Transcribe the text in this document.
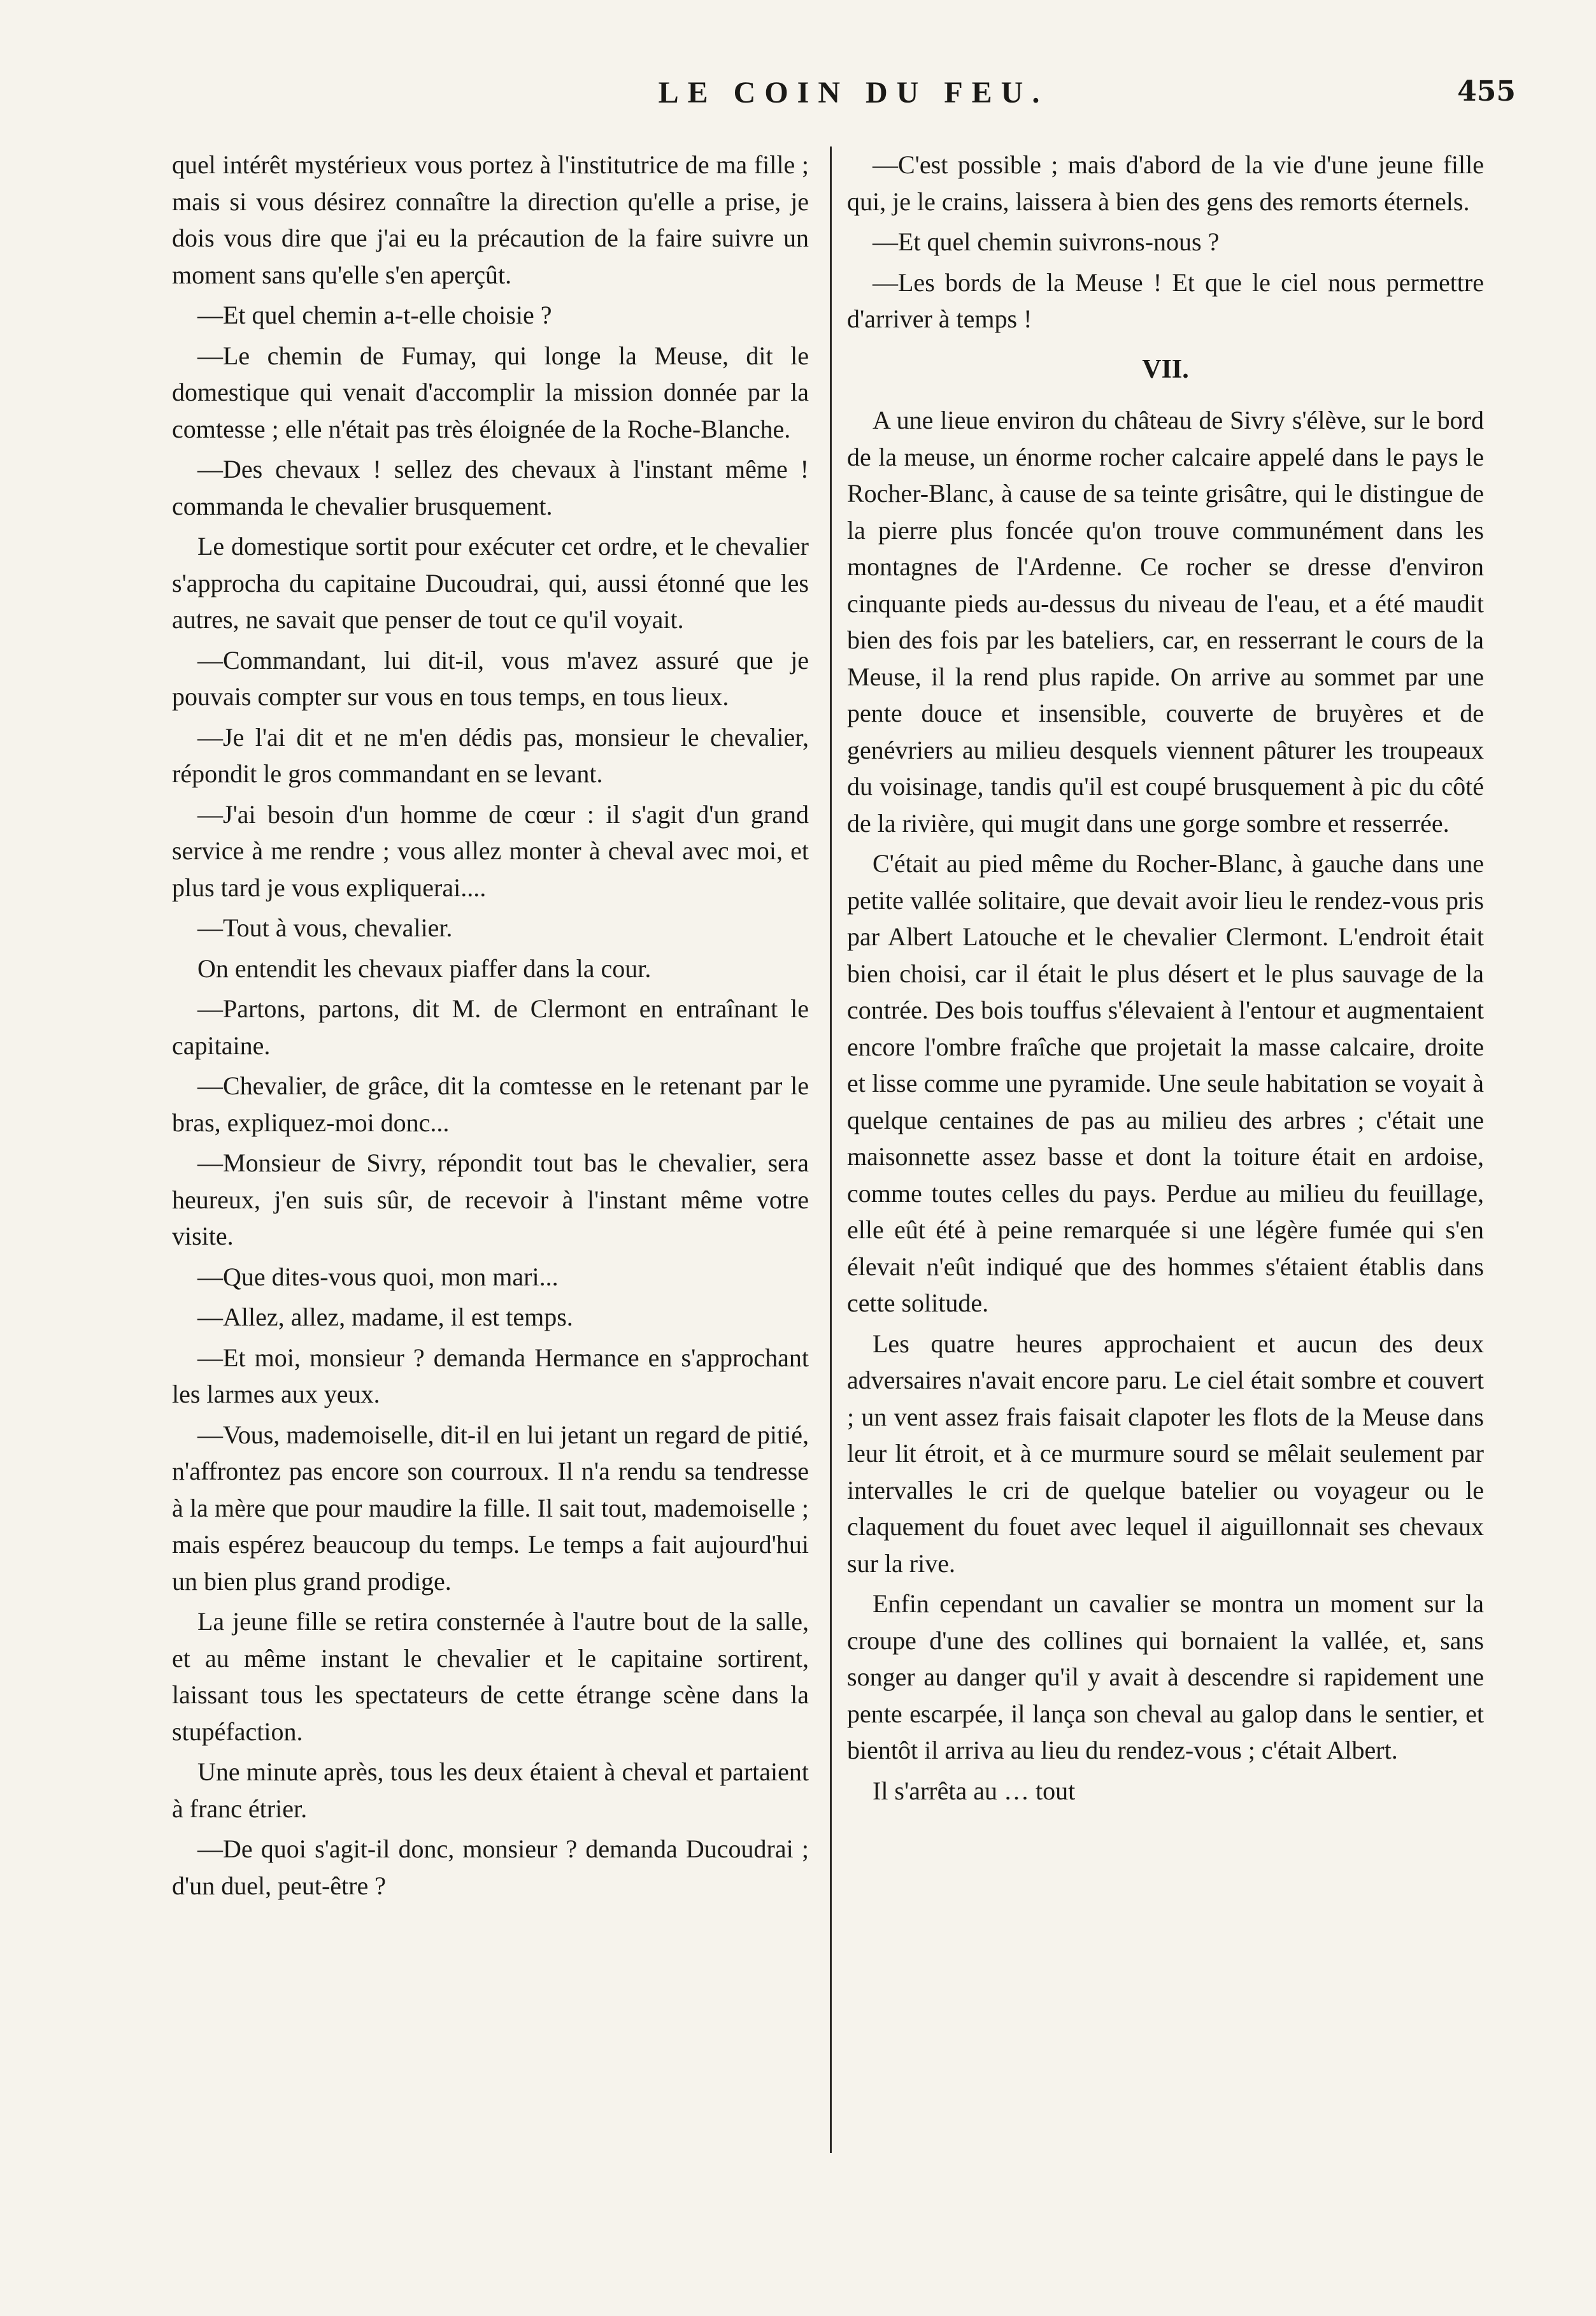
LE COIN DU FEU.	455

quel intérêt mystérieux vous portez à l'institutrice de ma fille ; mais si vous désirez connaître la direction qu'elle a prise, je dois vous dire que j'ai eu la précaution de la faire suivre un moment sans qu'elle s'en aperçût.

—Et quel chemin a-t-elle choisie ?

—Le chemin de Fumay, qui longe la Meuse, dit le domestique qui venait d'accomplir la mission donnée par la comtesse ; elle n'était pas très éloignée de la Roche-Blanche.

—Des chevaux ! sellez des chevaux à l'instant même ! commanda le chevalier brusquement.

Le domestique sortit pour exécuter cet ordre, et le chevalier s'approcha du capitaine Ducoudrai, qui, aussi étonné que les autres, ne savait que penser de tout ce qu'il voyait.

—Commandant, lui dit-il, vous m'avez assuré que je pouvais compter sur vous en tous temps, en tous lieux.

—Je l'ai dit et ne m'en dédis pas, monsieur le chevalier, répondit le gros commandant en se levant.

—J'ai besoin d'un homme de cœur : il s'agit d'un grand service à me rendre ; vous allez monter à cheval avec moi, et plus tard je vous expliquerai....

—Tout à vous, chevalier.

On entendit les chevaux piaffer dans la cour.

—Partons, partons, dit M. de Clermont en entraînant le capitaine.

—Chevalier, de grâce, dit la comtesse en le retenant par le bras, expliquez-moi donc...

—Monsieur de Sivry, répondit tout bas le chevalier, sera heureux, j'en suis sûr, de recevoir à l'instant même votre visite.

—Que dites-vous quoi, mon mari...

—Allez, allez, madame, il est temps.

—Et moi, monsieur ? demanda Hermance en s'approchant les larmes aux yeux.

—Vous, mademoiselle, dit-il en lui jetant un regard de pitié, n'affrontez pas encore son courroux. Il n'a rendu sa tendresse à la mère que pour maudire la fille. Il sait tout, mademoiselle ; mais espérez beaucoup du temps. Le temps a fait aujourd'hui un bien plus grand prodige.

La jeune fille se retira consternée à l'autre bout de la salle, et au même instant le chevalier et le capitaine sortirent, laissant tous les spectateurs de cette étrange scène dans la stupéfaction.

Une minute après, tous les deux étaient à cheval et partaient à franc étrier.

—De quoi s'agit-il donc, monsieur ? demanda Ducoudrai ; d'un duel, peut-être ?

—C'est possible ; mais d'abord de la vie d'une jeune fille qui, je le crains, laissera à bien des gens des remorts éternels.

—Et quel chemin suivrons-nous ?

—Les bords de la Meuse ! Et que le ciel nous permettre d'arriver à temps !

VII.

A une lieue environ du château de Sivry s'élève, sur le bord de la meuse, un énorme rocher calcaire appelé dans le pays le Rocher-Blanc, à cause de sa teinte grisâtre, qui le distingue de la pierre plus foncée qu'on trouve communément dans les montagnes de l'Ardenne. Ce rocher se dresse d'environ cinquante pieds au-dessus du niveau de l'eau, et a été maudit bien des fois par les bateliers, car, en resserrant le cours de la Meuse, il la rend plus rapide. On arrive au sommet par une pente douce et insensible, couverte de bruyères et de genévriers au milieu desquels viennent pâturer les troupeaux du voisinage, tandis qu'il est coupé brusquement à pic du côté de la rivière, qui mugit dans une gorge sombre et resserrée.

C'était au pied même du Rocher-Blanc, à gauche dans une petite vallée solitaire, que devait avoir lieu le rendez-vous pris par Albert Latouche et le chevalier Clermont. L'endroit était bien choisi, car il était le plus désert et le plus sauvage de la contrée. Des bois touffus s'élevaient à l'entour et augmentaient encore l'ombre fraîche que projetait la masse calcaire, droite et lisse comme une pyramide. Une seule habitation se voyait à quelque centaines de pas au milieu des arbres ; c'était une maisonnette assez basse et dont la toiture était en ardoise, comme toutes celles du pays. Perdue au milieu du feuillage, elle eût été à peine remarquée si une légère fumée qui s'en élevait n'eût indiqué que des hommes s'étaient établis dans cette solitude.

Les quatre heures approchaient et aucun des deux adversaires n'avait encore paru. Le ciel était sombre et couvert ; un vent assez frais faisait clapoter les flots de la Meuse dans leur lit étroit, et à ce murmure sourd se mêlait seulement par intervalles le cri de quelque batelier ou voyageur ou le claquement du fouet avec lequel il aiguillonnait ses chevaux sur la rive.

Enfin cependant un cavalier se montra un moment sur la croupe d'une des collines qui bornaient la vallée, et, sans songer au danger qu'il y avait à descendre si rapidement une pente escarpée, il lança son cheval au galop dans le sentier, et bientôt il arriva au lieu du rendez-vous ; c'était Albert.

Il s'arrêta au … tout
